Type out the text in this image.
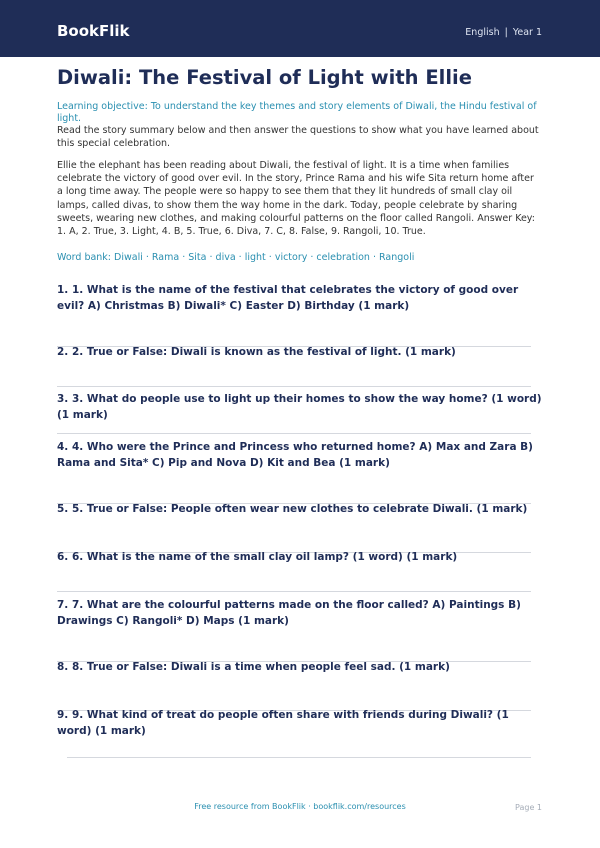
BookFlik	English | Year 1
Diwali: The Festival of Light with Ellie
Learning objective: To understand the key themes and story elements of Diwali, the Hindu festival of light.
Read the story summary below and then answer the questions to show what you have learned about this special celebration.
Ellie the elephant has been reading about Diwali, the festival of light. It is a time when families celebrate the victory of good over evil. In the story, Prince Rama and his wife Sita return home after a long time away. The people were so happy to see them that they lit hundreds of small clay oil lamps, called divas, to show them the way home in the dark. Today, people celebrate by sharing sweets, wearing new clothes, and making colourful patterns on the floor called Rangoli. Answer Key: 1. A, 2. True, 3. Light, 4. B, 5. True, 6. Diva, 7. C, 8. False, 9. Rangoli, 10. True.
Word bank: Diwali · Rama · Sita · diva · light · victory · celebration · Rangoli
1. 1. What is the name of the festival that celebrates the victory of good over evil? A) Christmas B) Diwali* C) Easter D) Birthday (1 mark)
2. 2. True or False: Diwali is known as the festival of light. (1 mark)
3. 3. What do people use to light up their homes to show the way home? (1 word) (1 mark)
4. 4. Who were the Prince and Princess who returned home? A) Max and Zara B) Rama and Sita* C) Pip and Nova D) Kit and Bea (1 mark)
5. 5. True or False: People often wear new clothes to celebrate Diwali. (1 mark)
6. 6. What is the name of the small clay oil lamp? (1 word) (1 mark)
7. 7. What are the colourful patterns made on the floor called? A) Paintings B) Drawings C) Rangoli* D) Maps (1 mark)
8. 8. True or False: Diwali is a time when people feel sad. (1 mark)
9. 9. What kind of treat do people often share with friends during Diwali? (1 word) (1 mark)
Free resource from BookFlik · bookflik.com/resources	Page 1
